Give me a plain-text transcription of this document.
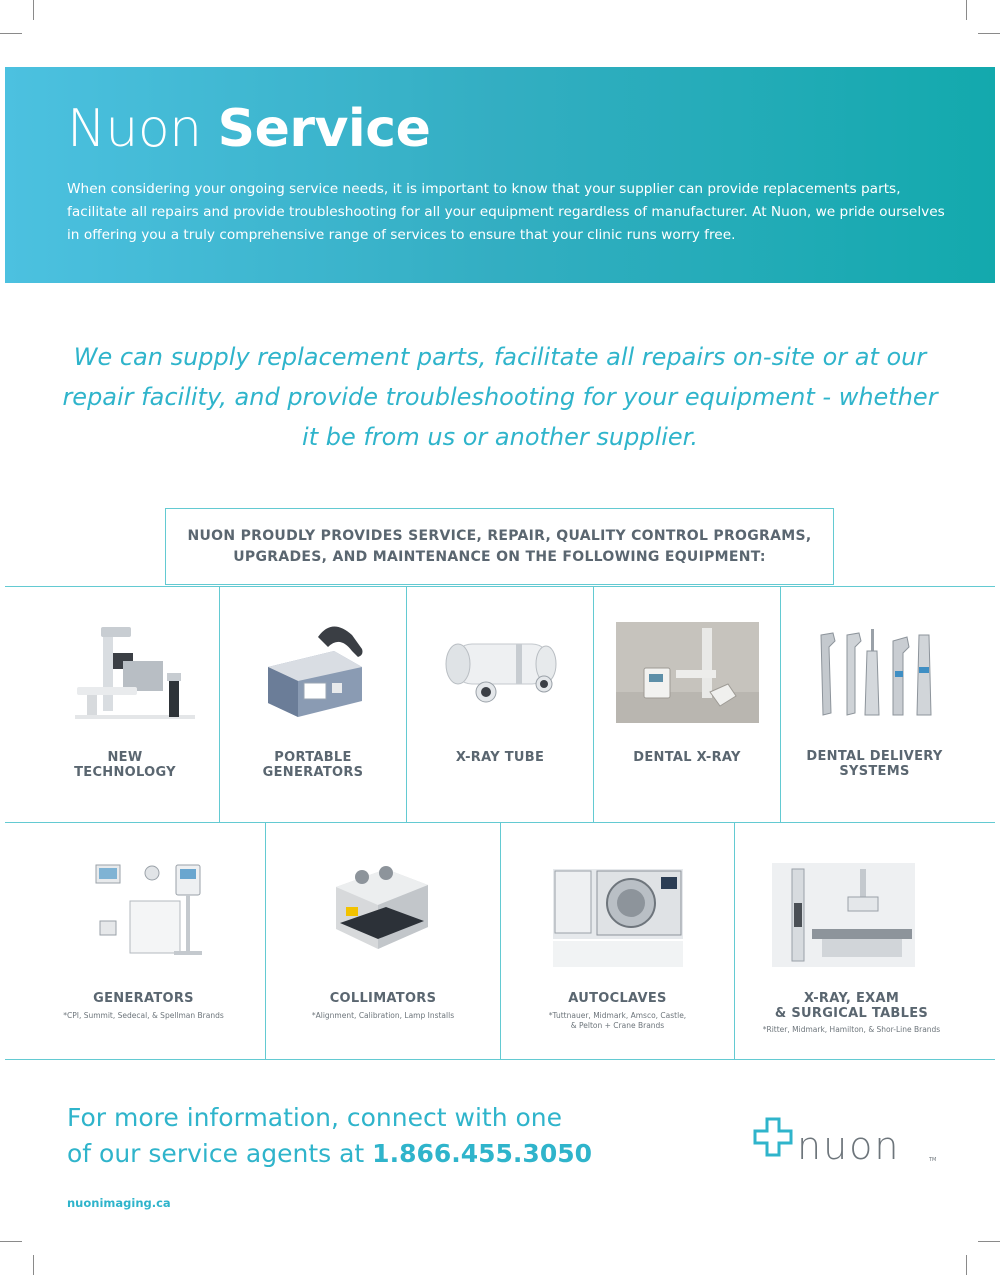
Nuon Service

When considering your ongoing service needs, it is important to know that your supplier can provide replacements parts, facilitate all repairs and provide troubleshooting for all your equipment regardless of manufacturer. At Nuon, we pride ourselves in offering you a truly comprehensive range of services to ensure that your clinic runs worry free.

We can supply replacement parts, facilitate all repairs on-site or at our repair facility, and provide troubleshooting for your equipment - whether it be from us or another supplier.

NUON PROUDLY PROVIDES SERVICE, REPAIR, QUALITY CONTROL PROGRAMS, UPGRADES, AND MAINTENANCE ON THE FOLLOWING EQUIPMENT:
NEW
TECHNOLOGY
PORTABLE
GENERATORS
X-RAY TUBE	DENTAL X-RAY	DENTAL DELIVERY
SYSTEMS
GENERATORS
*CPI, Summit, Sedecal, & Spellman Brands
COLLIMATORS
*Alignment, Calibration, Lamp Installs
AUTOCLAVES
*Tuttnauer, Midmark, Amsco, Castle,
& Pelton + Crane Brands
X-RAY, EXAM
& SURGICAL TABLES
*Ritter, Midmark, Hamilton, & Shor-Line Brands

For more information, connect with one
of our service agents at 1.866.455.3050

nuonimaging.ca

nuon	TM
